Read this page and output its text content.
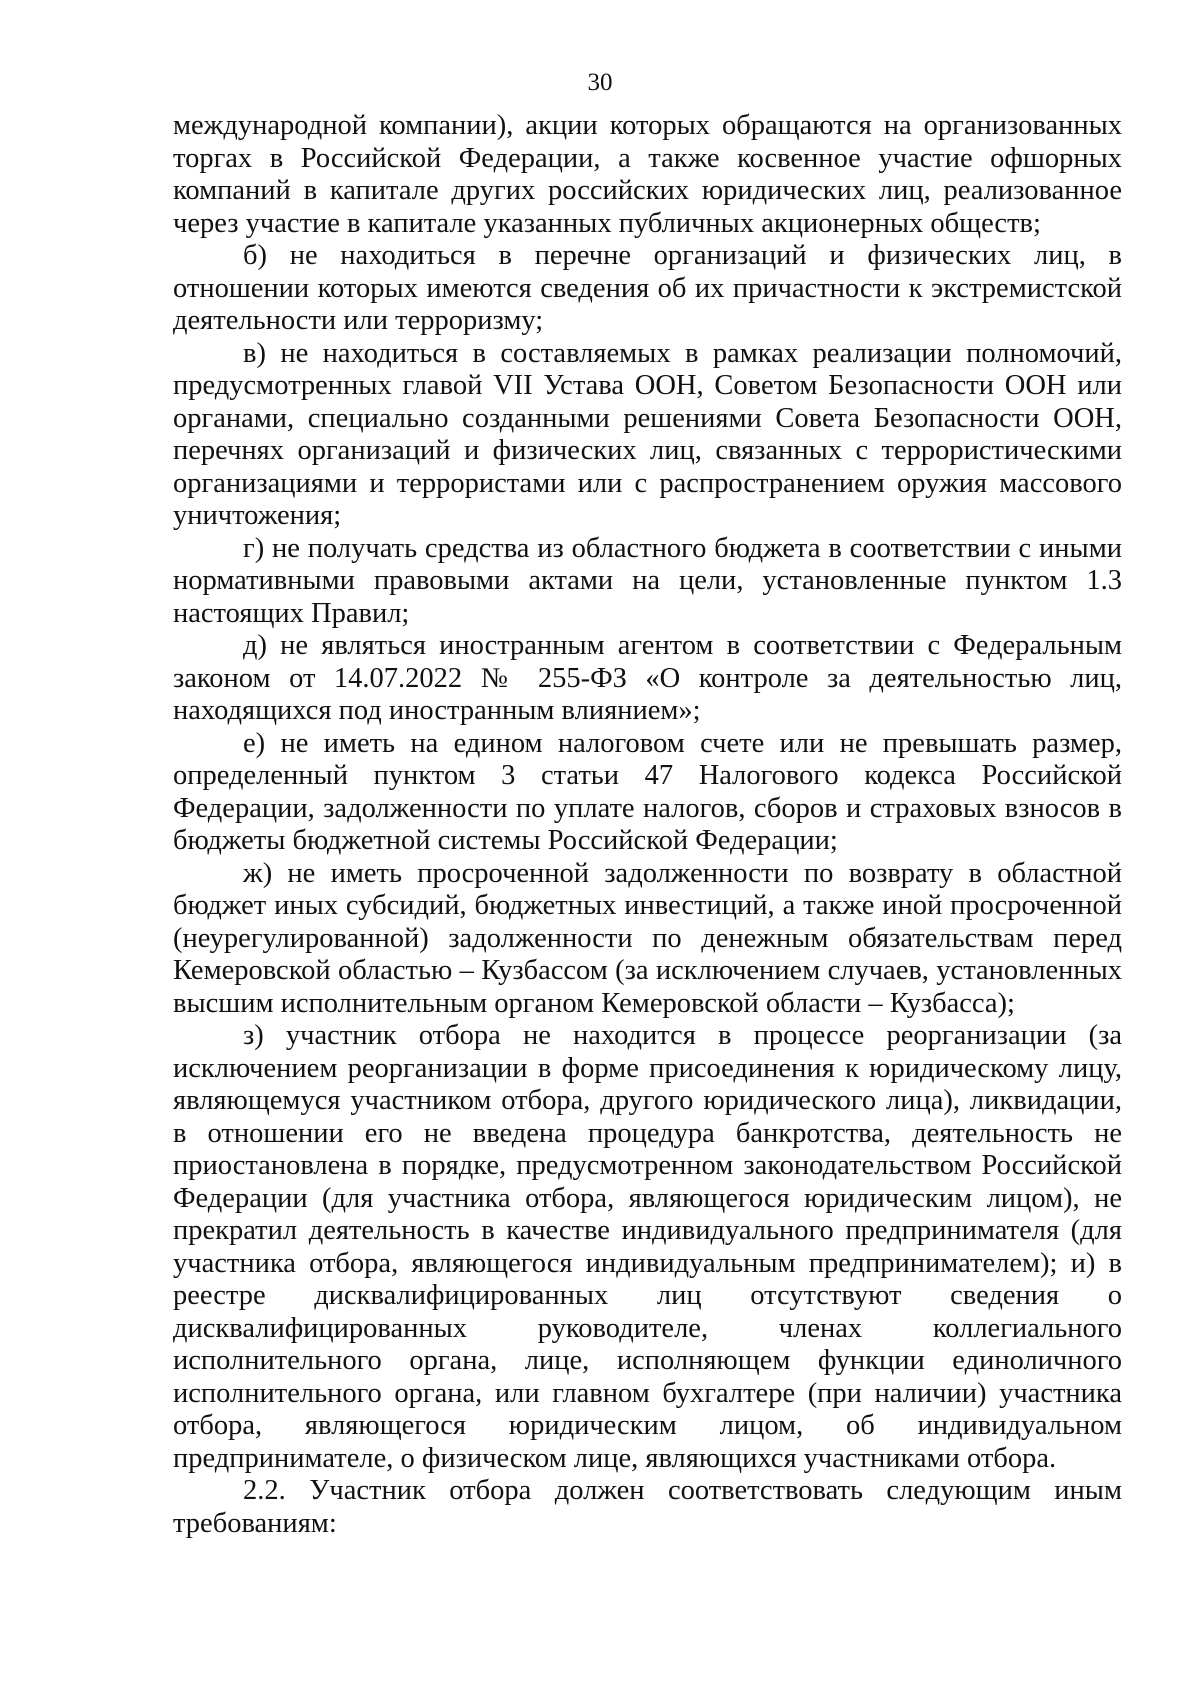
30

международной компании), акции которых обращаются на организованных торгах в Российской Федерации, а также косвенное участие офшорных компаний в капитале других российских юридических лиц, реализованное через участие в капитале указанных публичных акционерных обществ;

б) не находиться в перечне организаций и физических лиц, в отношении которых имеются сведения об их причастности к экстремистской деятельности или терроризму;

в) не находиться в составляемых в рамках реализации полномочий, предусмотренных главой VII Устава ООН, Советом Безопасности ООН или органами, специально созданными решениями Совета Безопасности ООН, перечнях организаций и физических лиц, связанных с террористическими организациями и террористами или с распространением оружия массового уничтожения;

г) не получать средства из областного бюджета в соответствии с иными нормативными правовыми актами на цели, установленные пунктом 1.3 настоящих Правил;

д) не являться иностранным агентом в соответствии с Федеральным законом от 14.07.2022 № 255-ФЗ «О контроле за деятельностью лиц, находящихся под иностранным влиянием»;

е) не иметь на едином налоговом счете или не превышать размер, определенный пунктом 3 статьи 47 Налогового кодекса Российской Федерации, задолженности по уплате налогов, сборов и страховых взносов в бюджеты бюджетной системы Российской Федерации;

ж) не иметь просроченной задолженности по возврату в областной бюджет иных субсидий, бюджетных инвестиций, а также иной просроченной (неурегулированной) задолженности по денежным обязательствам перед Кемеровской областью – Кузбассом (за исключением случаев, установленных высшим исполнительным органом Кемеровской области – Кузбасса);

з) участник отбора не находится в процессе реорганизации (за исключением реорганизации в форме присоединения к юридическому лицу, являющемуся участником отбора, другого юридического лица), ликвидации, в отношении его не введена процедура банкротства, деятельность не приостановлена в порядке, предусмотренном законодательством Российской Федерации (для участника отбора, являющегося юридическим лицом), не прекратил деятельность в качестве индивидуального предпринимателя (для участника отбора, являющегося индивидуальным предпринимателем); и) в реестре дисквалифицированных лиц отсутствуют сведения о дисквалифицированных руководителе, членах коллегиального исполнительного органа, лице, исполняющем функции единоличного исполнительного органа, или главном бухгалтере (при наличии) участника отбора, являющегося юридическим лицом, об индивидуальном предпринимателе, о физическом лице, являющихся участниками отбора.

2.2. Участник отбора должен соответствовать следующим иным требованиям:
